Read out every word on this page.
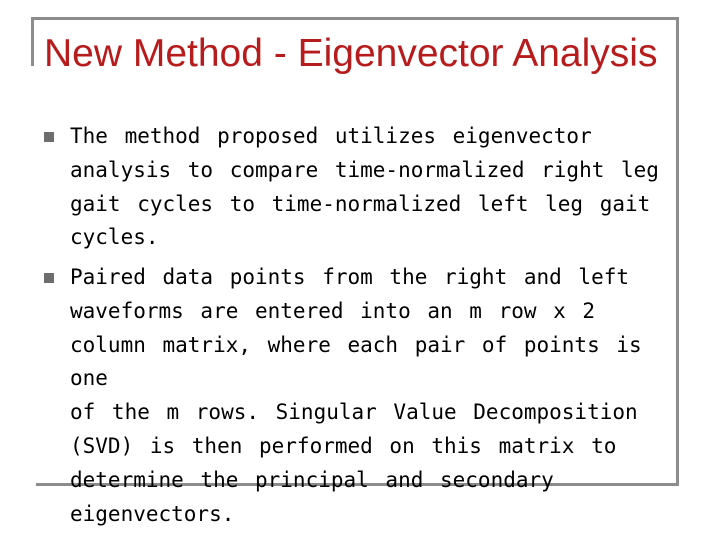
New Method - Eigenvector Analysis
The method proposed utilizes eigenvector
analysis to compare time-normalized right leg
gait cycles to time-normalized left leg gait
cycles.
Paired data points from the right and left
waveforms are entered into an m row x 2
column matrix, where each pair of points is one
of the m rows. Singular Value Decomposition
(SVD) is then performed on this matrix to
determine the principal and secondary
eigenvectors.
